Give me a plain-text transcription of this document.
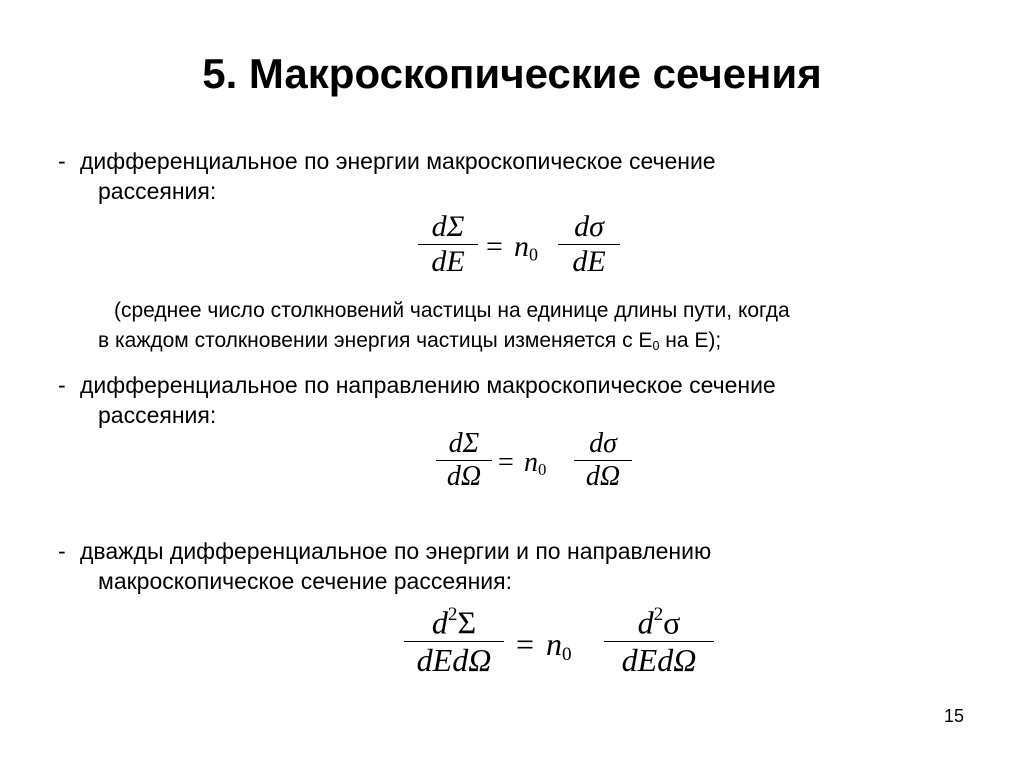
5. Макроскопические сечения
- дифференциальное по энергии макроскопическое сечение
рассеяния:
dΣ
dE = $n_0$
dσ
dE
(среднее число столкновений частицы на единице длины пути, когда
в каждом столкновении энергия частицы изменяется с $Е_0$ на Е);
- дифференциальное по направлению макроскопическое сечение
рассеяния:
dΣ
$d\Omega = n_0$
dσ
dΩ
- дважды дифференциальное по энергии и по направлению
макроскопическое сечение рассеяния:
$d^2\Sigma$
$dEd\Omega = n_0$
$d^2\sigma$
dEdΩ
15
